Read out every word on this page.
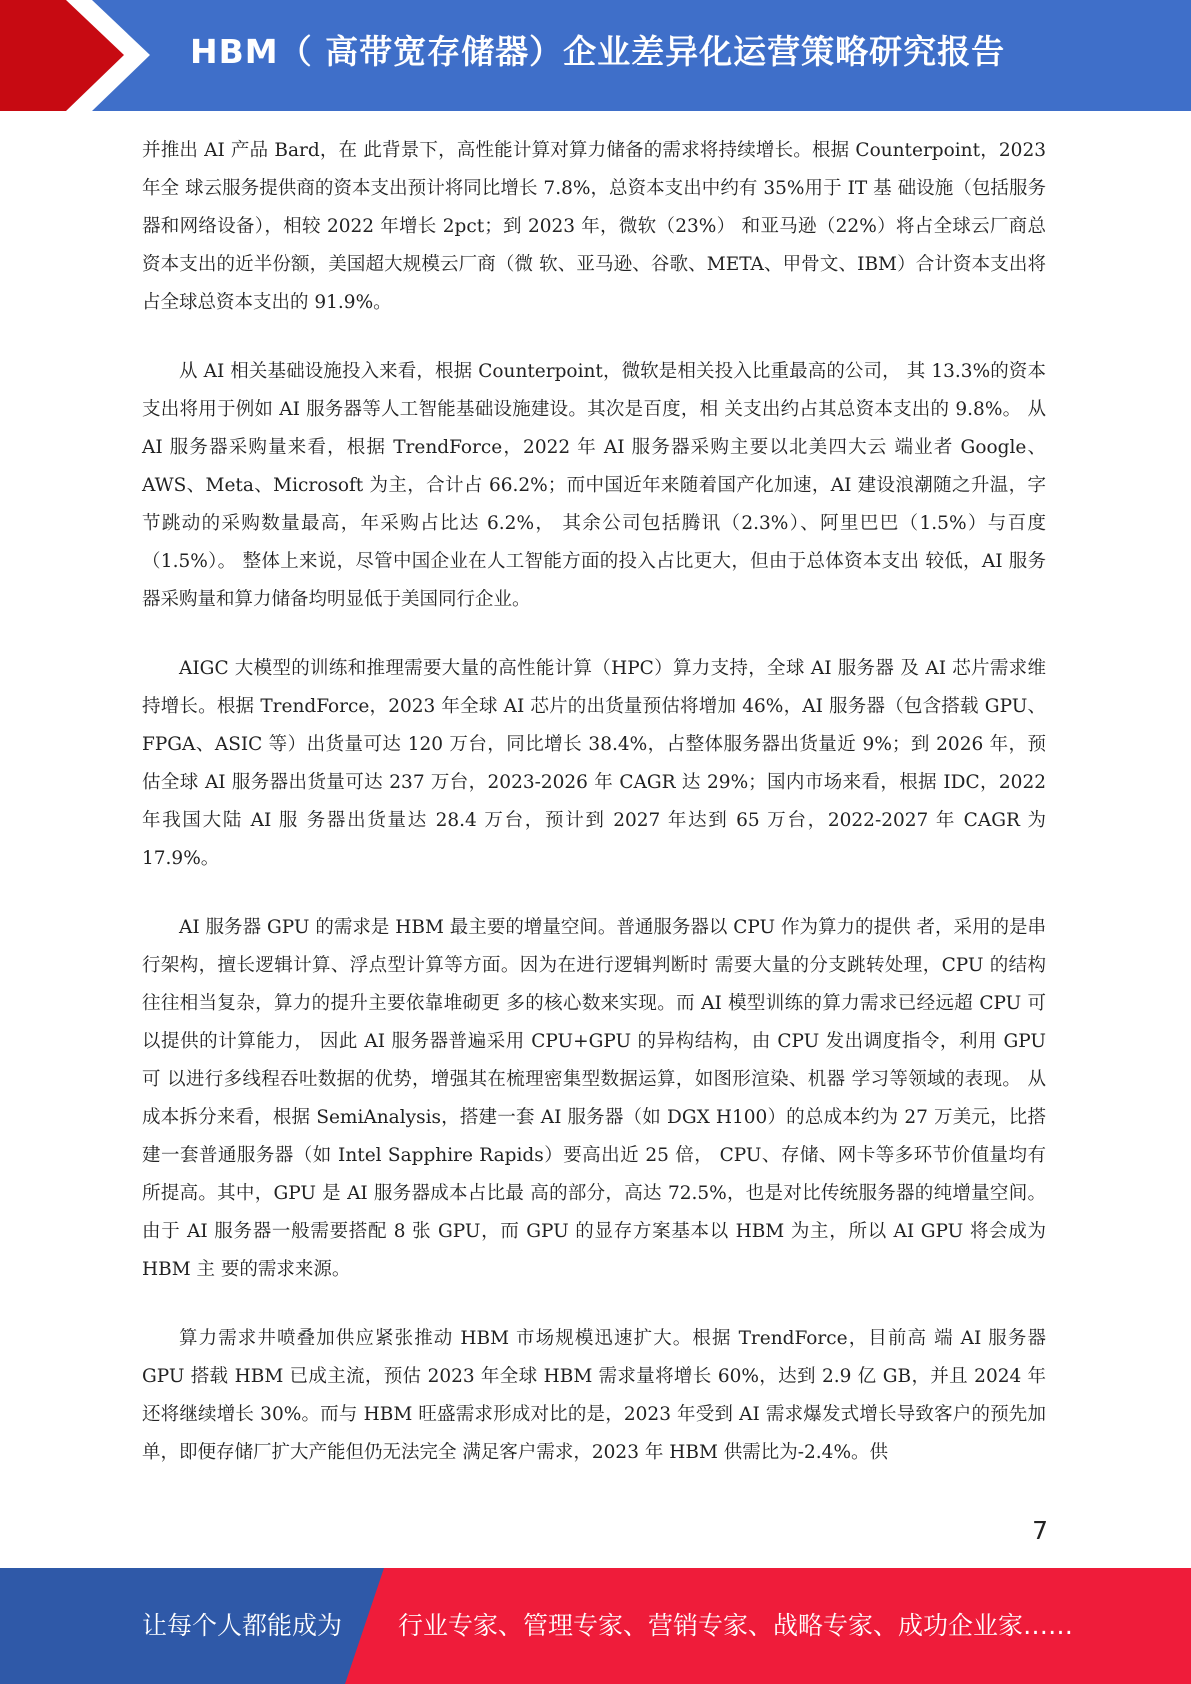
HBM（ 高带宽存储器）企业差异化运营策略研究报告

并推出 AI 产品 Bard，在 此背景下，高性能计算对算力储备的需求将持续增长。根据 Counterpoint，2023 年全 球云服务提供商的资本支出预计将同比增长 7.8%，总资本支出中约有 35%用于 IT 基 础设施（包括服务器和网络设备），相较 2022 年增长 2pct；到 2023 年，微软（23%） 和亚马逊（22%）将占全球云厂商总资本支出的近半份额，美国超大规模云厂商（微 软、亚马逊、谷歌、META、甲骨文、IBM）合计资本支出将占全球总资本支出的 91.9%。

从 AI 相关基础设施投入来看，根据 Counterpoint，微软是相关投入比重最高的公司， 其 13.3%的资本支出将用于例如 AI 服务器等人工智能基础设施建设。其次是百度，相 关支出约占其总资本支出的 9.8%。 从 AI 服务器采购量来看，根据 TrendForce，2022 年 AI 服务器采购主要以北美四大云 端业者 Google、AWS、Meta、Microsoft 为主，合计占 66.2%；而中国近年来随着国产化加速，AI 建设浪潮随之升温，字节跳动的采购数量最高，年采购占比达 6.2%， 其余公司包括腾讯（2.3%）、阿里巴巴（1.5%）与百度（1.5%）。 整体上来说，尽管中国企业在人工智能方面的投入占比更大，但由于总体资本支出 较低，AI 服务器采购量和算力储备均明显低于美国同行企业。

AIGC 大模型的训练和推理需要大量的高性能计算（HPC）算力支持，全球 AI 服务器 及 AI 芯片需求维持增长。根据 TrendForce，2023 年全球 AI 芯片的出货量预估将增加 46%，AI 服务器（包含搭载 GPU、FPGA、ASIC 等）出货量可达 120 万台，同比增长 38.4%，占整体服务器出货量近 9%；到 2026 年，预估全球 AI 服务器出货量可达 237 万台，2023-2026 年 CAGR 达 29%；国内市场来看，根据 IDC，2022 年我国大陆 AI 服 务器出货量达 28.4 万台，预计到 2027 年达到 65 万台，2022-2027 年 CAGR 为 17.9%。

AI 服务器 GPU 的需求是 HBM 最主要的增量空间。普通服务器以 CPU 作为算力的提供 者，采用的是串行架构，擅长逻辑计算、浮点型计算等方面。因为在进行逻辑判断时 需要大量的分支跳转处理，CPU 的结构往往相当复杂，算力的提升主要依靠堆砌更 多的核心数来实现。而 AI 模型训练的算力需求已经远超 CPU 可以提供的计算能力， 因此 AI 服务器普遍采用 CPU+GPU 的异构结构，由 CPU 发出调度指令，利用 GPU 可 以进行多线程吞吐数据的优势，增强其在梳理密集型数据运算，如图形渲染、机器 学习等领域的表现。 从成本拆分来看，根据 SemiAnalysis，搭建一套 AI 服务器（如 DGX H100）的总成本约为 27 万美元，比搭建一套普通服务器（如 Intel Sapphire Rapids）要高出近 25 倍， CPU、存储、网卡等多环节价值量均有所提高。其中，GPU 是 AI 服务器成本占比最 高的部分，高达 72.5%，也是对比传统服务器的纯增量空间。由于 AI 服务器一般需要搭配 8 张 GPU，而 GPU 的显存方案基本以 HBM 为主，所以 AI GPU 将会成为 HBM 主 要的需求来源。

算力需求井喷叠加供应紧张推动 HBM 市场规模迅速扩大。根据 TrendForce，目前高 端 AI 服务器 GPU 搭载 HBM 已成主流，预估 2023 年全球 HBM 需求量将增长 60%，达到 2.9 亿 GB，并且 2024 年还将继续增长 30%。而与 HBM 旺盛需求形成对比的是，2023 年受到 AI 需求爆发式增长导致客户的预先加单，即便存储厂扩大产能但仍无法完全 满足客户需求，2023 年 HBM 供需比为-2.4%。供

7
让每个人都能成为 行业专家、管理专家、营销专家、战略专家、成功企业家……
